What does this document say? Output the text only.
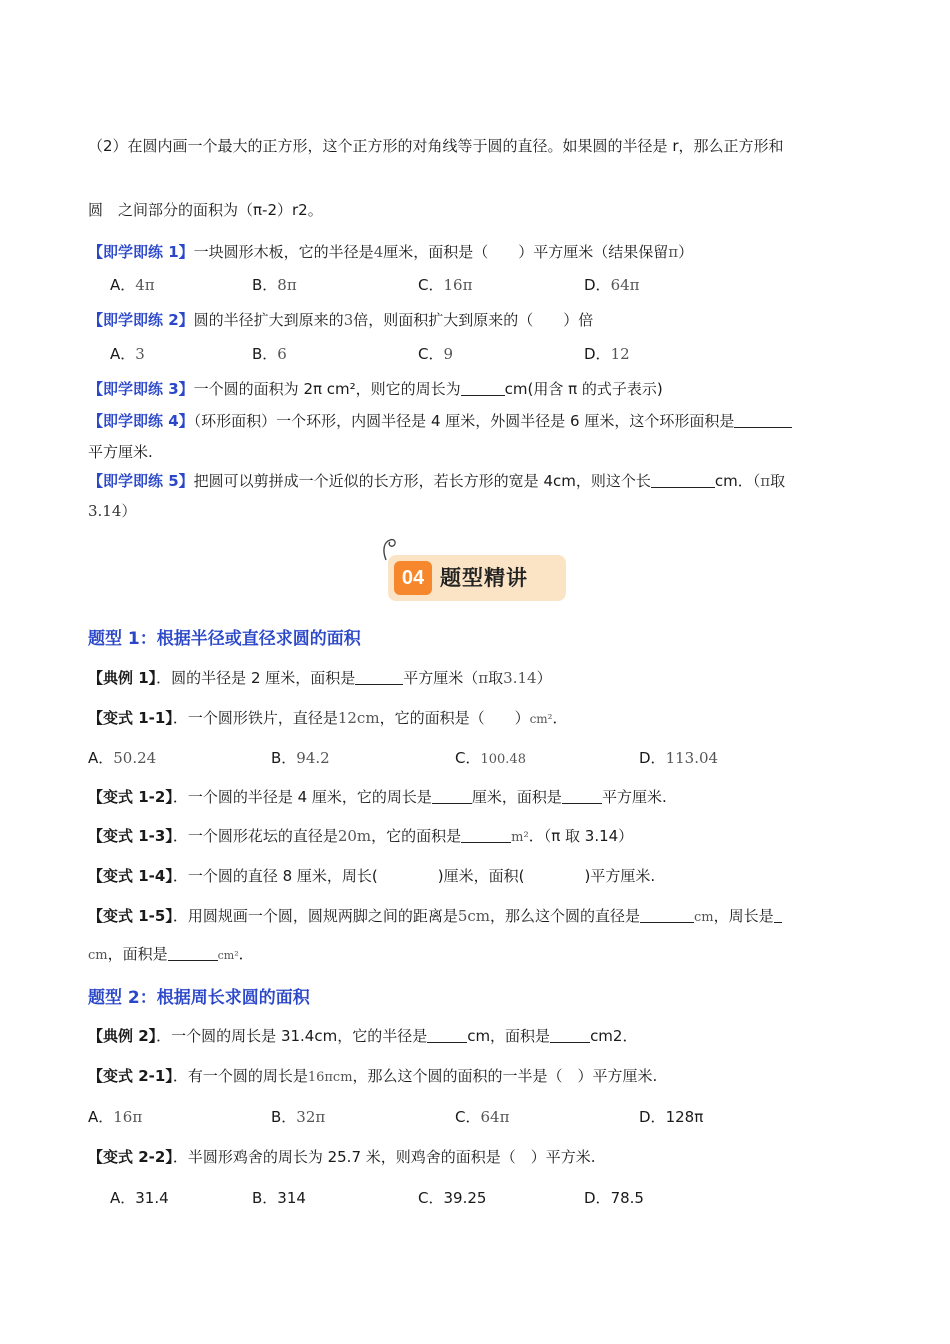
（2）在圆内画一个最大的正方形，这个正方形的对角线等于圆的直径。如果圆的半径是 r，那么正方形和
圆　之间部分的面积为（π-2）r2。
【即学即练 1】一块圆形木板，它的半径是4厘米，面积是（　　）平方厘米（结果保留π）
A．4π	B．8π	C．16π	D．64π
【即学即练 2】圆的半径扩大到原来的3倍，则面积扩大到原来的（　　）倍
A．3	B．6	C．9	D．12
【即学即练 3】一个圆的面积为 2π cm²，则它的周长为	cm(用含 π 的式子表示)
【即学即练 4】（环形面积）一个环形，内圆半径是 4 厘米，外圆半径是 6 厘米，这个环形面积是
平方厘米.
【即学即练 5】把圆可以剪拼成一个近似的长方形，若长方形的宽是 4cm，则这个长	cm．（π取
3.14）
04 题型精讲
题型 1：根据半径或直径求圆的面积
【典例 1】．圆的半径是 2 厘米，面积是	平方厘米（π取3.14）
【变式 1-1】．一个圆形铁片，直径是12cm，它的面积是（　　）cm²．
A．50.24	B．94.2	C．100.48	D．113.04
【变式 1-2】．一个圆的半径是 4 厘米，它的周长是	厘米，面积是	平方厘米.
【变式 1-3】．一个圆形花坛的直径是20m，它的面积是	m²．（π 取 3.14）
【变式 1-4】．一个圆的直径 8 厘米，周长(　　　　)厘米，面积(　　　　)平方厘米.
【变式 1-5】．用圆规画一个圆，圆规两脚之间的距离是5cm，那么这个圆的直径是	cm，周长是
cm，面积是	cm²．
题型 2：根据周长求圆的面积
【典例 2】．一个圆的周长是 31.4cm，它的半径是	cm，面积是	cm2．
【变式 2-1】．有一个圆的周长是16πcm，那么这个圆的面积的一半是（　）平方厘米.
A．16π	B．32π	C．64π	D．128π
【变式 2-2】．半圆形鸡舍的周长为 25.7 米，则鸡舍的面积是（　）平方米.
A．31.4	B．314	C．39.25	D．78.5
